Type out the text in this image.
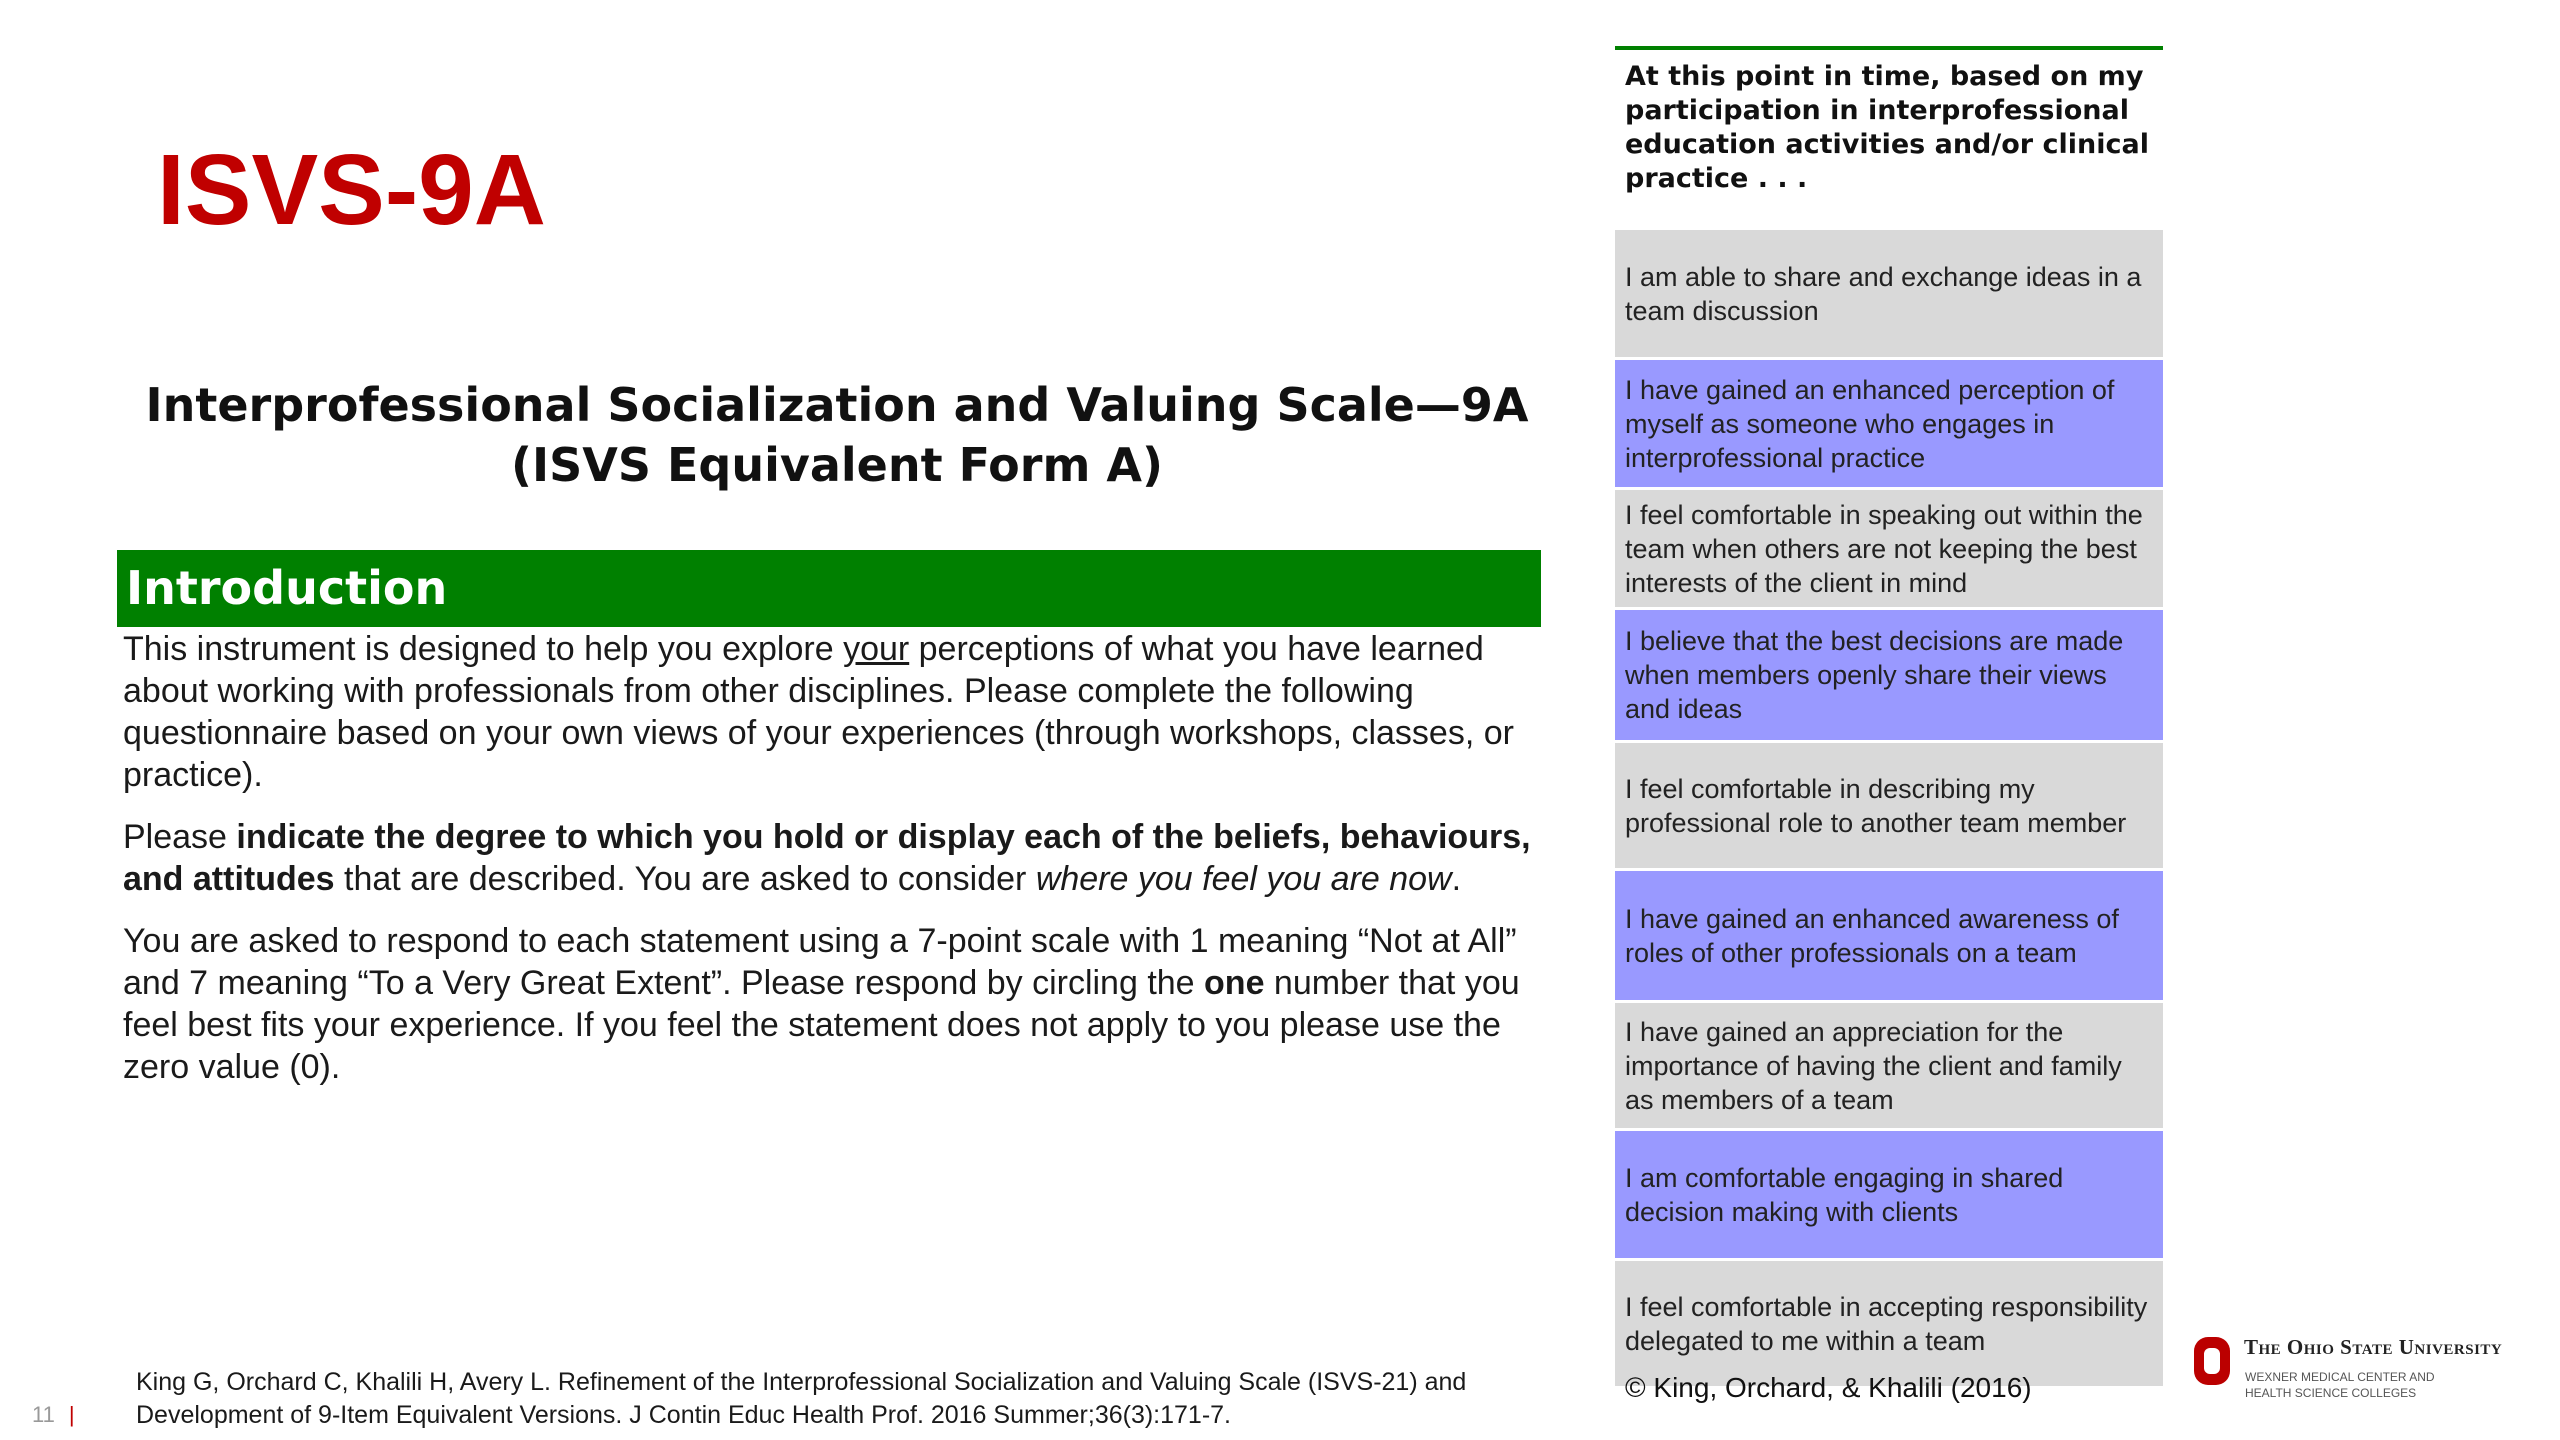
ISVS-9A
Interprofessional Socialization and Valuing Scale—9A
(ISVS Equivalent Form A)
Introduction

This instrument is designed to help you explore your perceptions of what you have learned about working with professionals from other disciplines. Please complete the following questionnaire based on your own views of your experiences (through workshops, classes, or practice).

Please indicate the degree to which you hold or display each of the beliefs, behaviours, and attitudes that are described. You are asked to consider where you feel you are now.

You are asked to respond to each statement using a 7-point scale with 1 meaning “Not at All” and 7 meaning “To a Very Great Extent”. Please respond by circling the one number that you feel best fits your experience. If you feel the statement does not apply to you please use the zero value (0).

King G, Orchard C, Khalili H, Avery L. Refinement of the Interprofessional Socialization and Valuing Scale (ISVS-21) and Development of 9-Item Equivalent Versions. J Contin Educ Health Prof. 2016 Summer;36(3):171-7.
11 |
At this point in time, based on my participation in interprofessional education activities and/or clinical practice . . .
I am able to share and exchange ideas in a team discussion
I have gained an enhanced perception of myself as someone who engages in interprofessional practice
I feel comfortable in speaking out within the team when others are not keeping the best interests of the client in mind
I believe that the best decisions are made when members openly share their views and ideas
I feel comfortable in describing my professional role to another team member
I have gained an enhanced awareness of roles of other professionals on a team
I have gained an appreciation for the importance of having the client and family as members of a team
I am comfortable engaging in shared decision making with clients
I feel comfortable in accepting responsibility delegated to me within a team
© King, Orchard, & Khalili (2016)
The Ohio State University
WEXNER MEDICAL CENTER AND
HEALTH SCIENCE COLLEGES
